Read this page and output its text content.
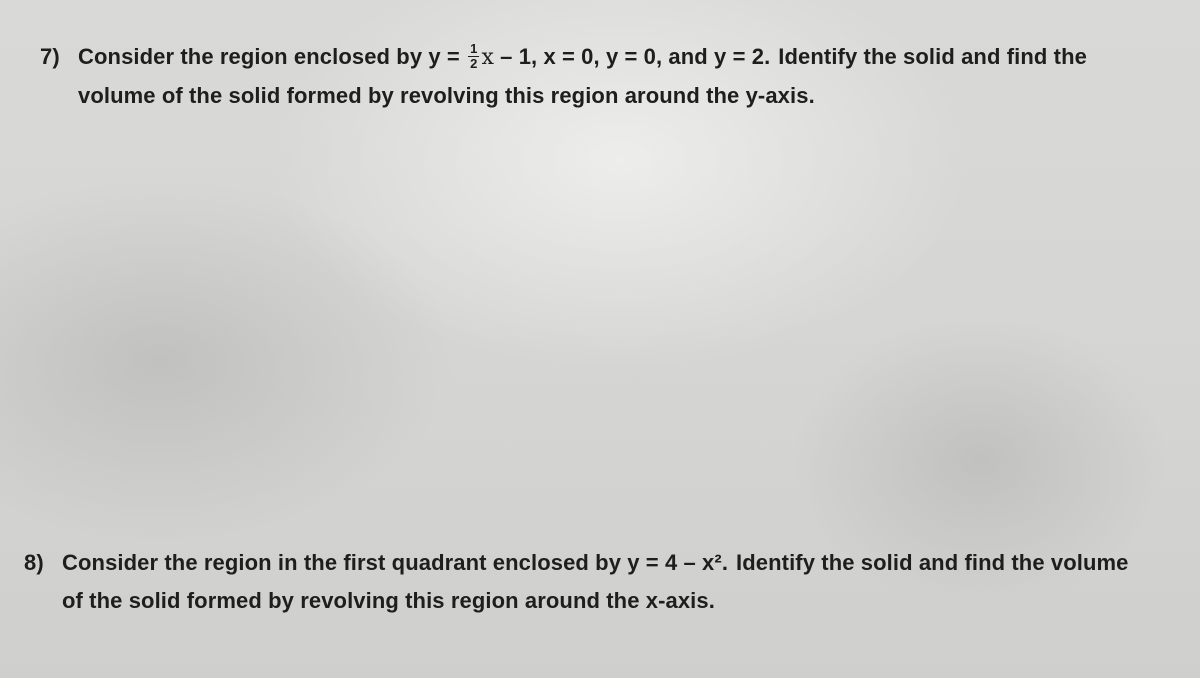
7) Consider the region enclosed by $y = \frac{1}{2}$ x – 1, x = 0, y = 0, and y = 2. Identify the solid and find the
volume of the solid formed by revolving this region around the y-axis.
8) Consider the region in the first quadrant enclosed by y = 4 – x². Identify the solid and find the volume
of the solid formed by revolving this region around the x-axis.
